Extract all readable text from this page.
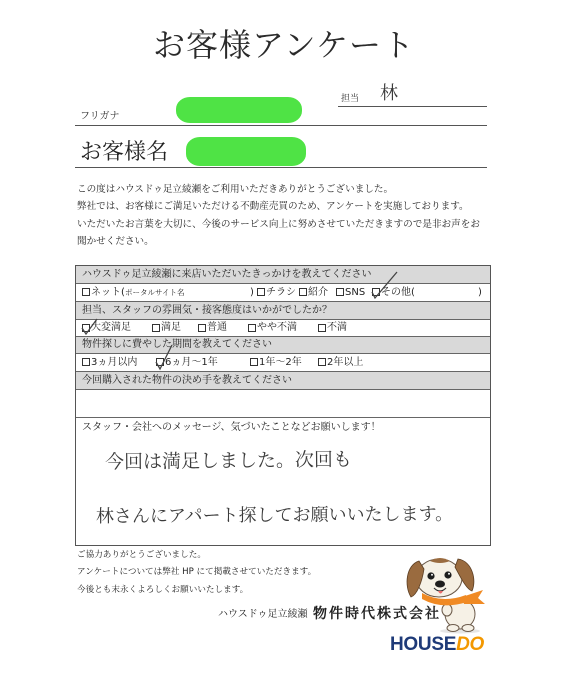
お客様アンケート
担当 林
フリガナ
お客様名
この度はハウスドゥ足立綾瀬をご利用いただきありがとうございました。
弊社では、お客様にご満足いただける不動産売買のため、アンケートを実施しております。
いただいたお言葉を大切に、今後のサービス向上に努めさせていただきますので是非お声をお
聞かせください。
ハウスドゥ足立綾瀬に来店いただいたきっかけを教えてください
ネット( ポータルサイト名	) チラシ 紹介 SNS その他(	)
担当、スタッフの雰囲気・接客態度はいかがでしたか？
大変満足	満足	普通	やや不満	不満
物件探しに費やした期間を教えてください
3ヵ月以内	6ヵ月～1年	1年～2年	2年以上
今回購入された物件の決め手を教えてください
スタッフ・会社へのメッセージ、気づいたことなどお願いします！
今回は満足しました。次回も
林さんにアパート探してお願いいたします。
ご協力ありがとうございました。
アンケートについては弊社 HP にて掲載させていただきます。
今後とも末永くよろしくお願いいたします。
ハウスドゥ足立綾瀬 物件時代株式会社
HOUSEDO
